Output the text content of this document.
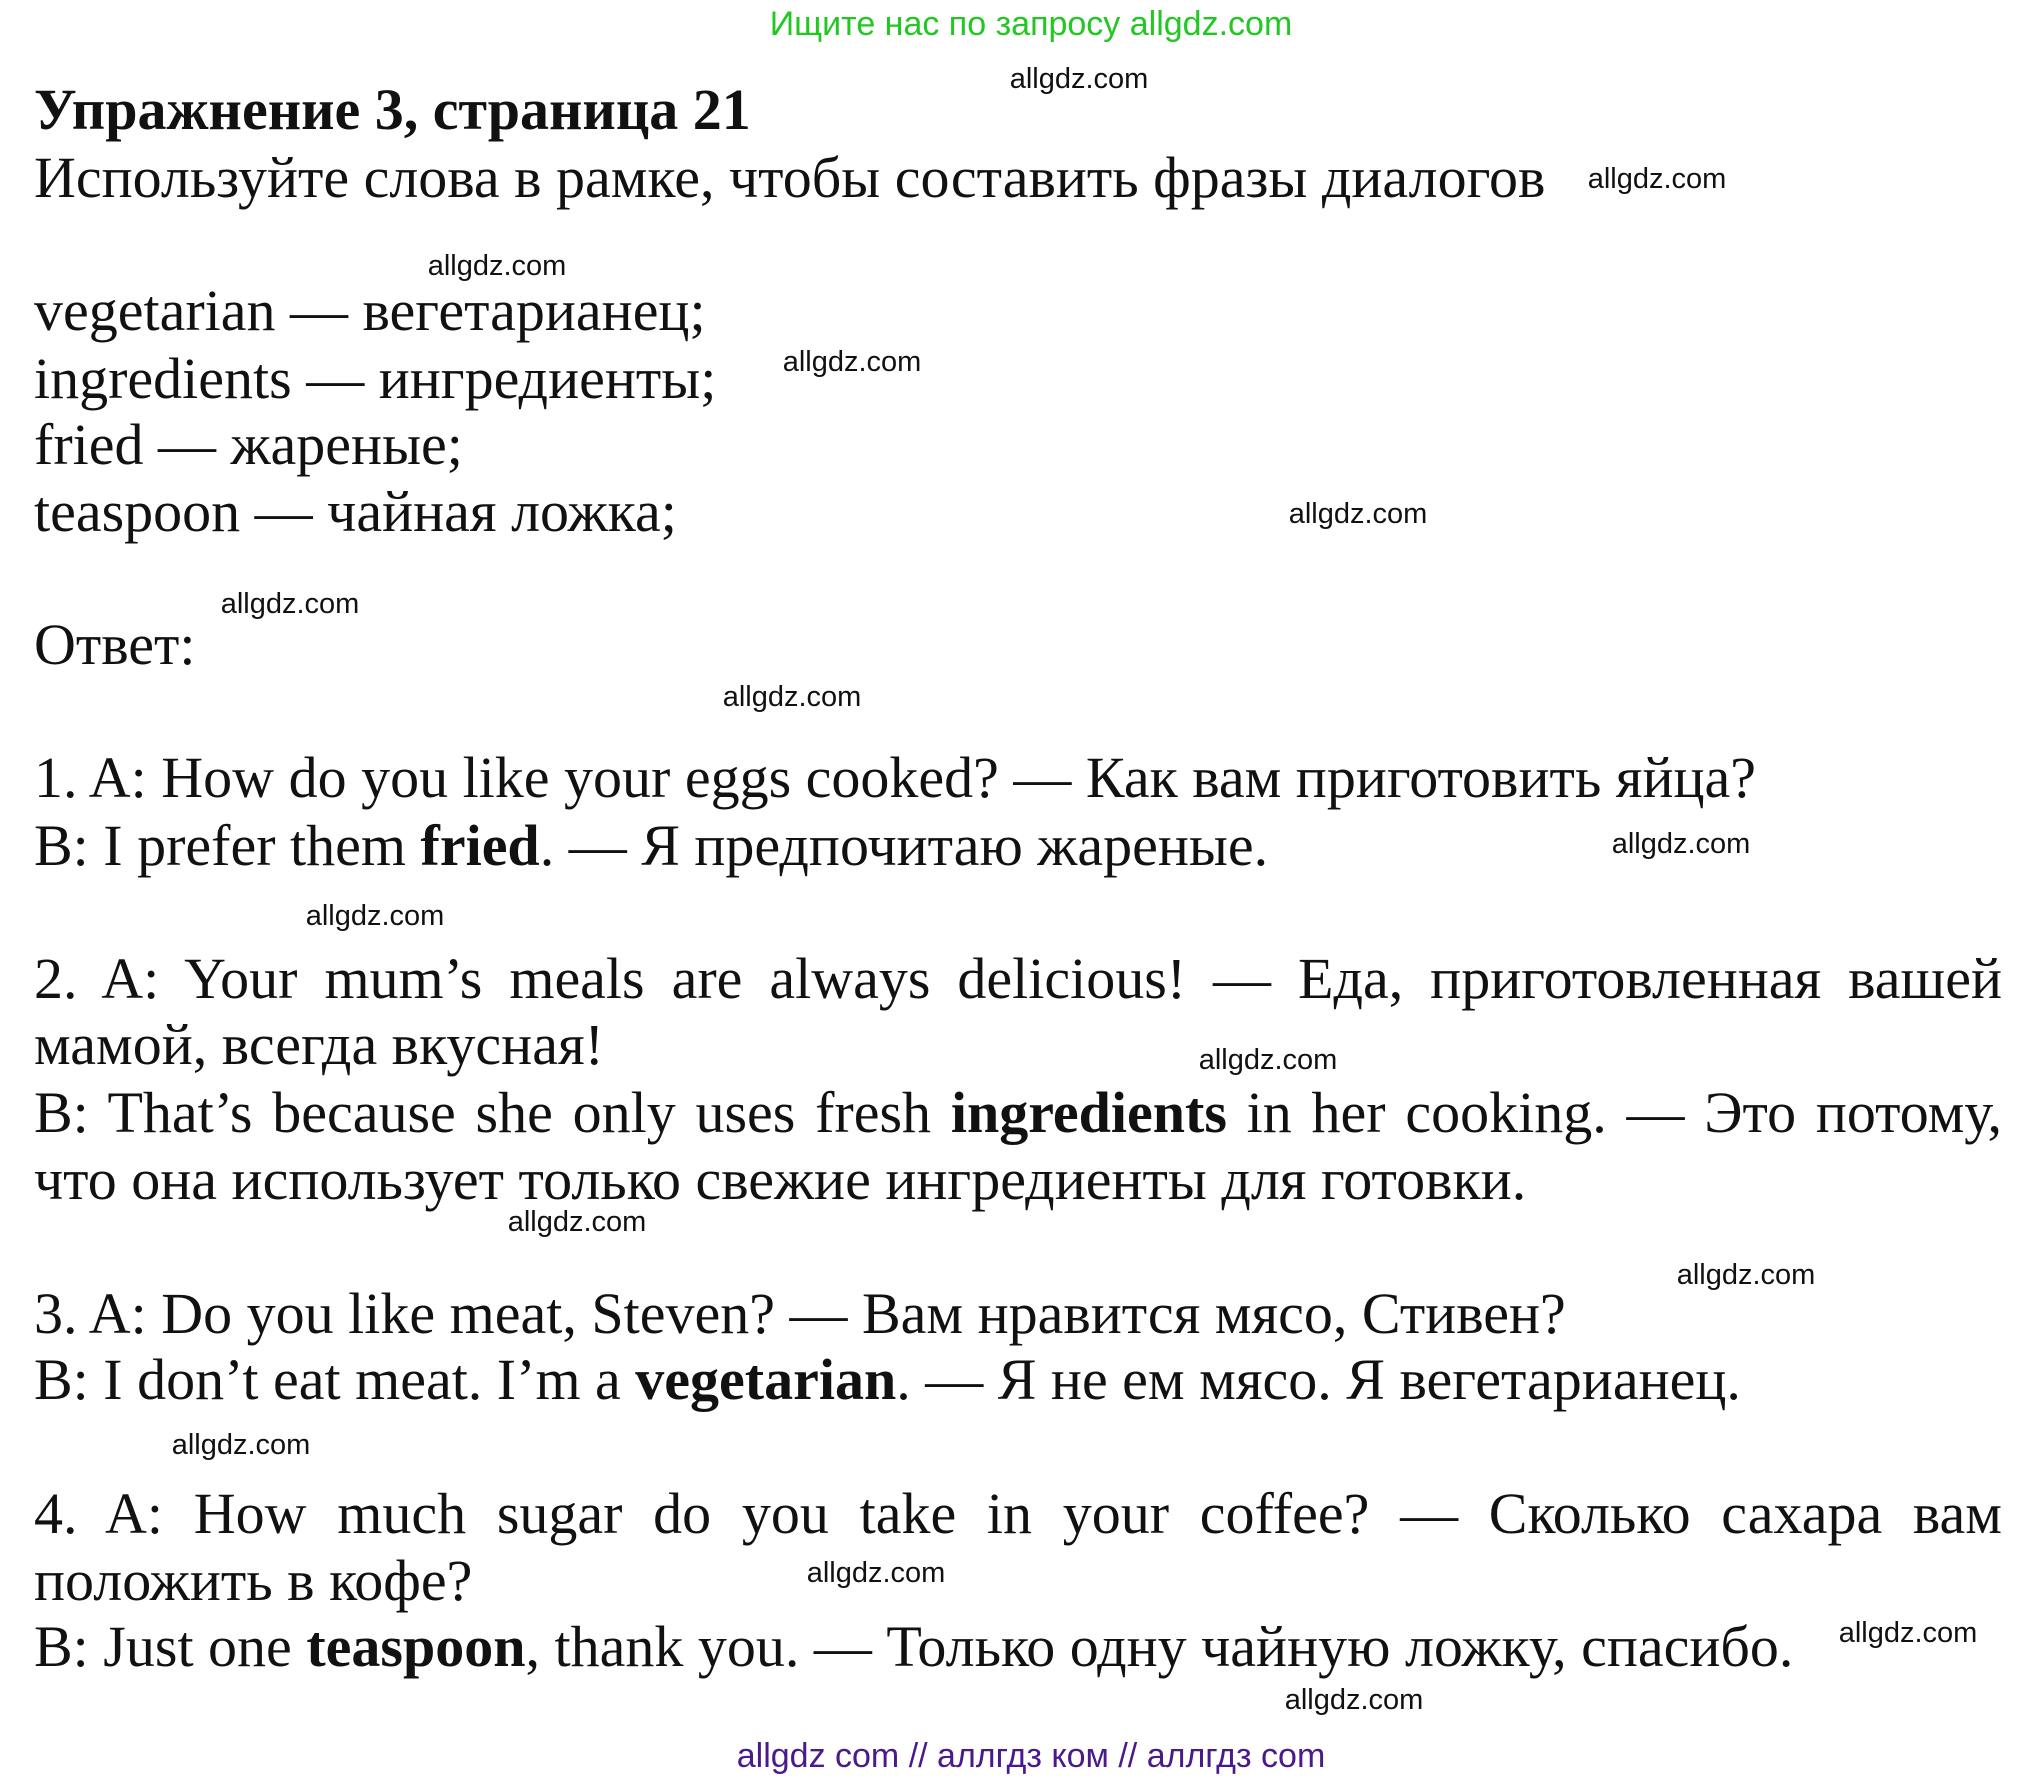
Ищите нас по запросу allgdz.com
Упражнение 3, страница 21
Используйте слова в рамке, чтобы составить фразы диалогов
vegetarian — вегетарианец;
ingredients — ингредиенты;
fried — жареные;
teaspoon — чайная ложка;
Ответ:
1. A: How do you like your eggs cooked? — Как вам приготовить яйца?
B: I prefer them fried. — Я предпочитаю жареные.
2. A: Your mum’s meals are always delicious! — Еда, приготовленная вашей
мамой, всегда вкусная!
B: That’s because she only uses fresh ingredients in her cooking. — Это потому,
что она использует только свежие ингредиенты для готовки.
3. A: Do you like meat, Steven? — Вам нравится мясо, Стивен?
B: I don’t eat meat. I’m a vegetarian. — Я не ем мясо. Я вегетарианец.
4. A: How much sugar do you take in your coffee? — Сколько сахара вам
положить в кофе?
B: Just one teaspoon, thank you. — Только одну чайную ложку, спасибо.
allgdz.com
allgdz.com
allgdz.com
allgdz.com
allgdz.com
allgdz.com
allgdz.com
allgdz.com
allgdz.com
allgdz.com
allgdz.com
allgdz.com
allgdz.com
allgdz.com
allgdz.com
allgdz.com
allgdz com // аллгдз ком // аллгдз com
